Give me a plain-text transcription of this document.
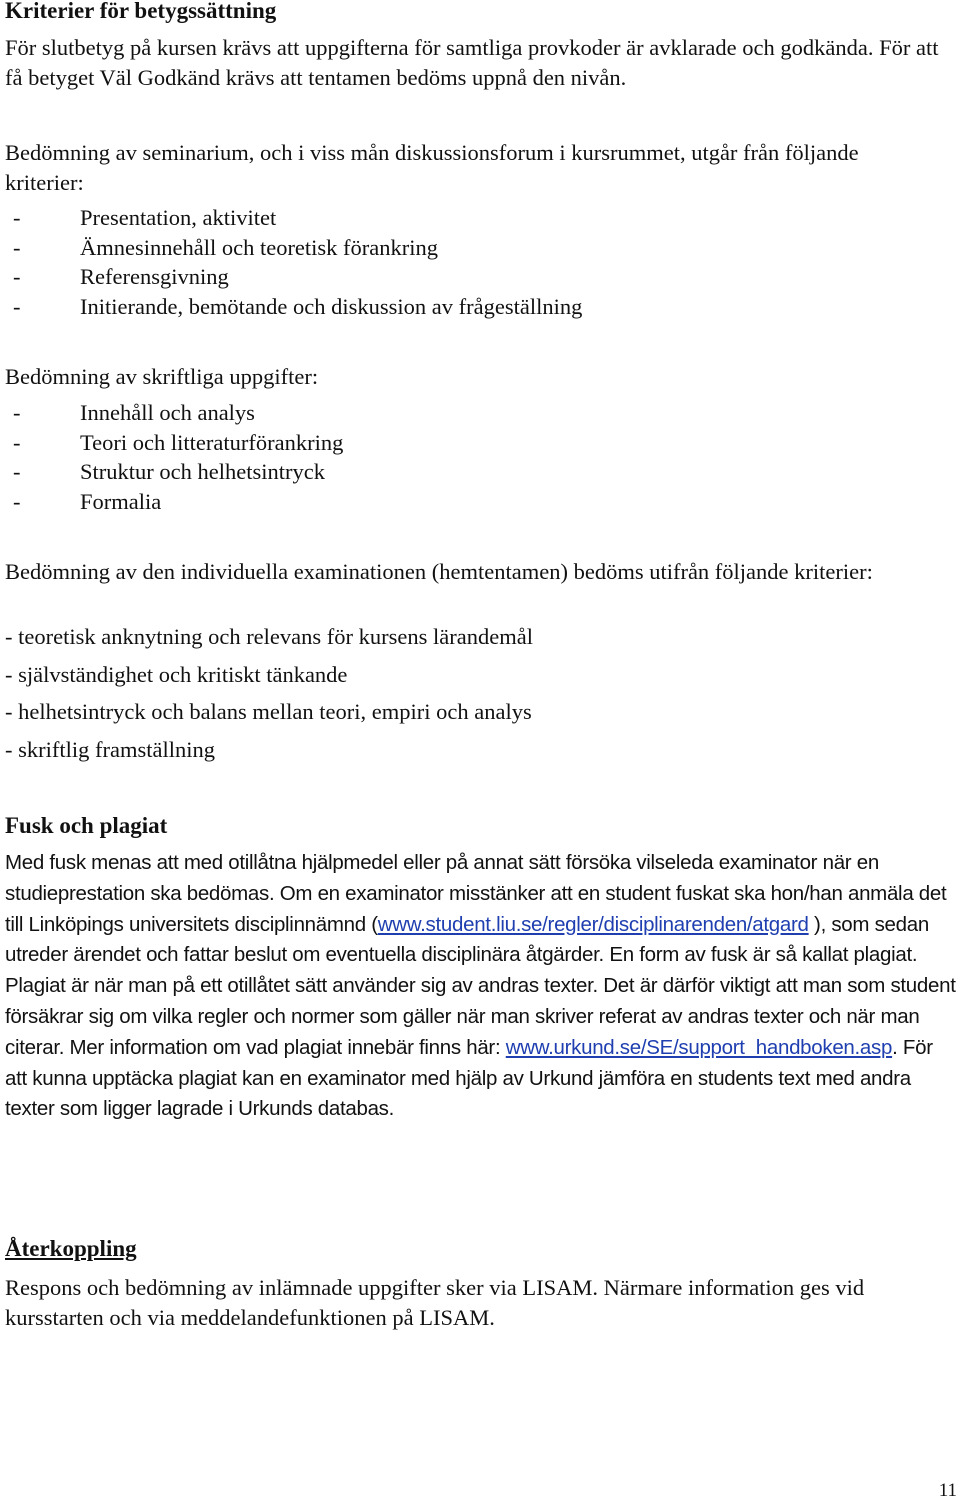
Kriterier för betygssättning

För slutbetyg på kursen krävs att uppgifterna för samtliga provkoder är avklarade och godkända. För att få betyget Väl Godkänd krävs att tentamen bedöms uppnå den nivån.

Bedömning av seminarium, och i viss mån diskussionsforum i kursrummet, utgår från följande kriterier:

-	Presentation, aktivitet
-	Ämnesinnehåll och teoretisk förankring
-	Referensgivning
-	Initierande, bemötande och diskussion av frågeställning

Bedömning av skriftliga uppgifter:

-	Innehåll och analys
-	Teori och litteraturförankring
-	Struktur och helhetsintryck
-	Formalia

Bedömning av den individuella examinationen (hemtentamen) bedöms utifrån följande kriterier:

- teoretisk anknytning och relevans för kursens lärandemål
- självständighet och kritiskt tänkande
- helhetsintryck och balans mellan teori, empiri och analys
- skriftlig framställning
Fusk och plagiat

Med fusk menas att med otillåtna hjälpmedel eller på annat sätt försöka vilseleda examinator när en studieprestation ska bedömas. Om en examinator misstänker att en student fuskat ska hon/han anmäla det till Linköpings universitets disciplinnämnd (www.student.liu.se/regler/disciplinarenden/atgard ), som sedan utreder ärendet och fattar beslut om eventuella disciplinära åtgärder. En form av fusk är så kallat plagiat. Plagiat är när man på ett otillåtet sätt använder sig av andras texter. Det är därför viktigt att man som student försäkrar sig om vilka regler och normer som gäller när man skriver referat av andras texter och när man citerar. Mer information om vad plagiat innebär finns här: www.urkund.se/SE/support_handboken.asp. För att kunna upptäcka plagiat kan en examinator med hjälp av Urkund jämföra en students text med andra texter som ligger lagrade i Urkunds databas.

Återkoppling

Respons och bedömning av inlämnade uppgifter sker via LISAM. Närmare information ges vid kursstarten och via meddelandefunktionen på LISAM.

11
